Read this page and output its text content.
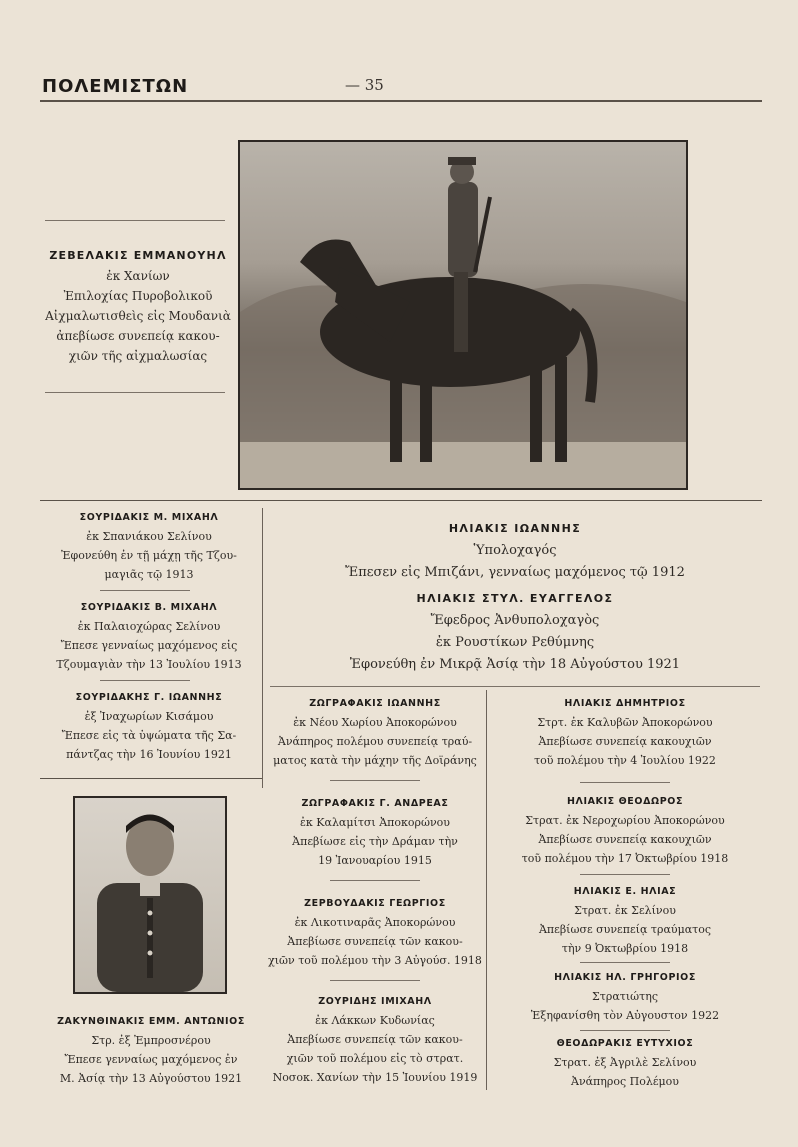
ΠΟΛΕΜΙΣΤΩΝ	— 35
ΖΕΒΕΛΑΚΙΣ ΕΜΜΑΝΟΥΗΛ
ἐκ Χανίων
Ἐπιλοχίας Πυροβολικοῦ
Αἰχμαλωτισθεὶς εἰς Μουδανιὰ
ἀπεβίωσε συνεπείᾳ κακου-
χιῶν τῆς αἰχμαλωσίας
ΣΟΥΡΙΔΑΚΙΣ Μ. ΜΙΧΑΗΛ
ἐκ Σπανιάκου Σελίνου
Ἐφονεύθη ἐν τῇ μάχῃ τῆς Τζου-
μαγιᾶς τῷ 1913
ΣΟΥΡΙΔΑΚΙΣ Β. ΜΙΧΑΗΛ
ἐκ Παλαιοχώρας Σελίνου
Ἔπεσε γενναίως μαχόμενος εἰς
Τζουμαγιὰν τὴν 13 Ἰουλίου 1913
ΣΟΥΡΙΔΑΚΗΣ Γ. ΙΩΑΝΝΗΣ
ἐξ Ἰναχωρίων Κισάμου
Ἔπεσε εἰς τὰ ὑψώματα τῆς Σα-
πάντζας τὴν 16 Ἰουνίου 1921
ΖΑΚΥΝΘΙΝΑΚΙΣ ΕΜΜ. ΑΝΤΩΝΙΟΣ
Στρ. ἐξ Ἐμπροσνέρου
Ἔπεσε γενναίως μαχόμενος ἐν
Μ. Ἀσίᾳ τὴν 13 Αὐγούστου 1921
ΗΛΙΑΚΙΣ ΙΩΑΝΝΗΣ
Ὑπολοχαγός
Ἔπεσεν εἰς Μπιζάνι, γενναίως μαχόμενος τῷ 1912
ΗΛΙΑΚΙΣ ΣΤΥΛ. ΕΥΑΓΓΕΛΟΣ
Ἔφεδρος Ἀνθυπολοχαγὸς
ἐκ Ρουστίκων Ρεθύμνης
Ἐφονεύθη ἐν Μικρᾷ Ἀσίᾳ τὴν 18 Αὐγούστου 1921
ΖΩΓΡΑΦΑΚΙΣ ΙΩΑΝΝΗΣ
ἐκ Νέου Χωρίου Ἀποκορώνου
Ἀνάπηρος πολέμου συνεπείᾳ τραύ-
ματος κατὰ τὴν μάχην τῆς Δοϊράνης
ΖΩΓΡΑΦΑΚΙΣ Γ. ΑΝΔΡΕΑΣ
ἐκ Καλαμίτσι Ἀποκορώνου
Ἀπεβίωσε εἰς τὴν Δράμαν τὴν
19 Ἰανουαρίου 1915
ΖΕΡΒΟΥΔΑΚΙΣ ΓΕΩΡΓΙΟΣ
ἐκ Λικοτιναρᾶς Ἀποκορώνου
Ἀπεβίωσε συνεπείᾳ τῶν κακου-
χιῶν τοῦ πολέμου τὴν 3 Αὐγούσ. 1918
ΖΟΥΡΙΔΗΣ ΙΜΙΧΑΗΛ
ἐκ Λάκκων Κυδωνίας
Ἀπεβίωσε συνεπείᾳ τῶν κακου-
χιῶν τοῦ πολέμου εἰς τὸ στρατ.
Νοσοκ. Χανίων τὴν 15 Ἰουνίου 1919
ΗΛΙΑΚΙΣ ΔΗΜΗΤΡΙΟΣ
Στρτ. ἐκ Καλυβῶν Ἀποκορώνου
Ἀπεβίωσε συνεπείᾳ κακουχιῶν
τοῦ πολέμου τὴν 4 Ἰουλίου 1922
ΗΛΙΑΚΙΣ ΘΕΟΔΩΡΟΣ
Στρατ. ἐκ Νεροχωρίου Ἀποκορώνου
Ἀπεβίωσε συνεπείᾳ κακουχιῶν
τοῦ πολέμου τὴν 17 Ὀκτωβρίου 1918
ΗΛΙΑΚΙΣ Ε. ΗΛΙΑΣ
Στρατ. ἐκ Σελίνου
Ἀπεβίωσε συνεπείᾳ τραύματος
τὴν 9 Ὀκτωβρίου 1918
ΗΛΙΑΚΙΣ ΗΛ. ΓΡΗΓΟΡΙΟΣ
Στρατιώτης
Ἐξηφανίσθη τὸν Αὐγουστον 1922
ΘΕΟΔΩΡΑΚΙΣ ΕΥΤΥΧΙΟΣ
Στρατ. ἐξ Ἀγριλὲ Σελίνου
Ἀνάπηρος Πολέμου
